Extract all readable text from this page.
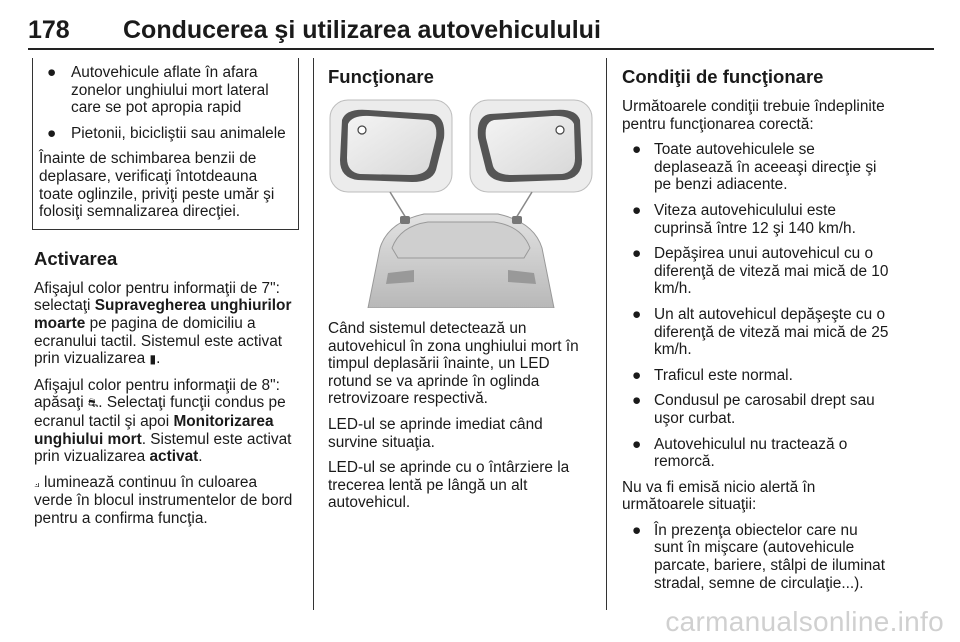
178 Conducerea şi utilizarea autovehiculului
● Autovehicule aflate în afara zonelor unghiului mort lateral care se pot apropia rapid
● Pietonii, bicicliştii sau animalele
Înainte de schimbarea benzii de deplasare, verificaţi întotdeauna toate oglinzile, priviţi peste umăr şi folosiţi semnalizarea direcţiei.
Activarea

Afişajul color pentru informaţii de 7": selectaţi Supravegherea unghiurilor moarte pe pagina de domiciliu a ecranului tactil. Sistemul este activat prin vizualizarea ▮.

Afişajul color pentru informaţii de 8": apăsaţi ⛐. Selectaţi funcţii condus pe ecranul tactil şi apoi Monitorizarea unghiului mort. Sistemul este activat prin vizualizarea activat.

⟓ luminează continuu în culoarea verde în blocul instrumentelor de bord pentru a confirma funcţia.

Funcţionare

Când sistemul detectează un autovehicul în zona unghiului mort în timpul deplasării înainte, un LED rotund se va aprinde în oglinda retrovizoare respectivă.

LED-ul se aprinde imediat când survine situaţia.

LED-ul se aprinde cu o întârziere la trecerea lentă pe lângă un alt autovehicul.

Condiţii de funcţionare

Următoarele condiţii trebuie îndeplinite pentru funcţionarea corectă:

● Toate autovehiculele se deplasează în aceeaşi direcţie şi pe benzi adiacente.
● Viteza autovehiculului este cuprinsă între 12 şi 140 km/h.
● Depăşirea unui autovehicul cu o diferenţă de viteză mai mică de 10 km/h.
● Un alt autovehicul depăşeşte cu o diferenţă de viteză mai mică de 25 km/h.
● Traficul este normal.
● Condusul pe carosabil drept sau uşor curbat.
● Autovehiculul nu tractează o remorcă.

Nu va fi emisă nicio alertă în următoarele situaţii:

● În prezenţa obiectelor care nu sunt în mişcare (autovehicule parcate, bariere, stâlpi de iluminat stradal, semne de circulaţie...).
carmanualsonline.info
